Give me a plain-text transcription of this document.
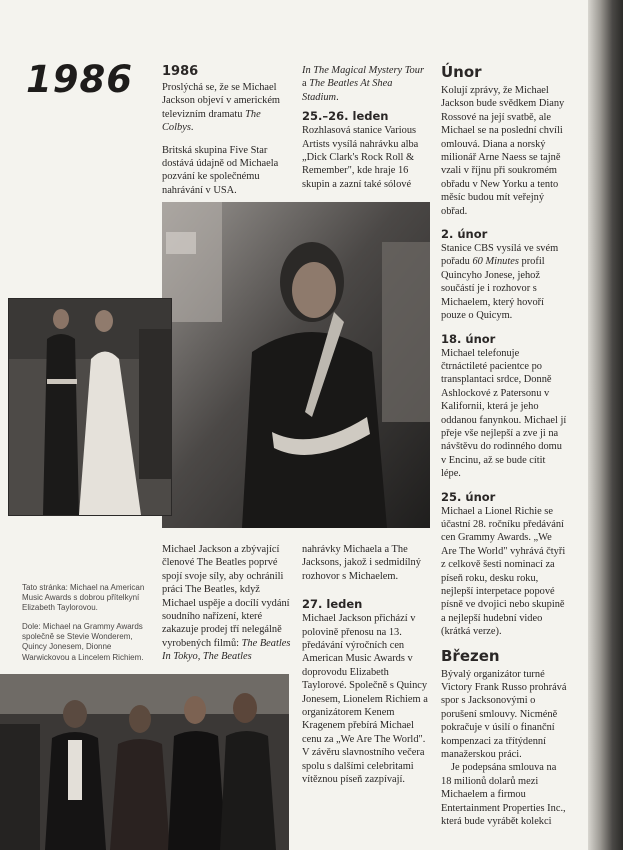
1986 1986

Proslýchá se, že se Michael Jackson objeví v americkém televizním dramatu The Colbys.

Britská skupina Five Star dostává údajně od Michaela pozvání ke společnému nahrávání v USA.

In The Magical Mystery Tour a The Beatles At Shea Stadium.

25.–26. leden

Rozhlasová stanice Various Artists vysílá nahrávku alba „Dick Clark's Rock Roll & Remember", kde hraje 16 skupin a zazní také sólové

Únor

Kolují zprávy, že Michael Jackson bude svědkem Diany Rossové na její svatbě, ale Michael se na poslední chvíli omlouvá. Diana a norský milionář Arne Naess se tajně vzali v říjnu při soukromém obřadu v New Yorku a tento měsíc budou mít veřejný obřad.

2. únor

Stanice CBS vysílá ve svém pořadu 60 Minutes profil Quincyho Jonese, jehož součástí je i rozhovor s Michaelem, který hovoří pouze o Quicym.

18. únor

Michael telefonuje čtrnáctileté pacientce po transplantaci srdce, Donně Ashlockové z Patersonu v Kalifornii, která je jeho oddanou fanynkou. Michael jí přeje vše nejlepší a zve ji na návštěvu do rodinného domu v Encinu, až se bude cítit lépe.

25. únor

Michael a Lionel Richie se účastní 28. ročníku předávání cen Grammy Awards. „We Are The World" vyhrává čtyři z celkově šesti nominací za píseň roku, desku roku, nejlepší interpetace popové písně ve dvojici nebo skupině a nejlepší hudební video (krátká verze).

Březen

Bývalý organizátor turné Victory Frank Russo prohrává spor s Jacksonovými o porušení smlouvy. Nicméně pokračuje v úsilí o finanční kompenzaci za třítýdenní manažerskou práci.

Je podepsána smlouva na 18 milionů dolarů mezi Michaelem a firmou Entertainment Properties Inc., která bude vyrábět kolekci

Michael Jackson a zbývající členové The Beatles poprvé spojí svoje síly, aby ochránili práci The Beatles, když Michael uspěje a docílí vydání soudního nařízení, které zakazuje prodej tří nelegálně vyrobených filmů: The Beatles In Tokyo, The Beatles

nahrávky Michaela a The Jacksons, jakož i sedmidílný rozhovor s Michaelem.

27. leden

Michael Jackson přichází v polovině přenosu na 13. předávání výročních cen American Music Awards v doprovodu Elizabeth Taylorové. Společně s Quincy Jonesem, Lionelem Richiem a organizátorem Kenem Kragenem přebírá Michael cenu za „We Are The World". V závěru slavnostního večera spolu s dalšími celebritami vítěznou píseň zazpívají.

Tato stránka: Michael na American Music Awards s dobrou přítelkyní Elizabeth Taylorovou.
Dole: Michael na Grammy Awards společně se Stevie Wonderem, Quincy Jonesem, Dionne Warwickovou a Lincelem Richiem.
